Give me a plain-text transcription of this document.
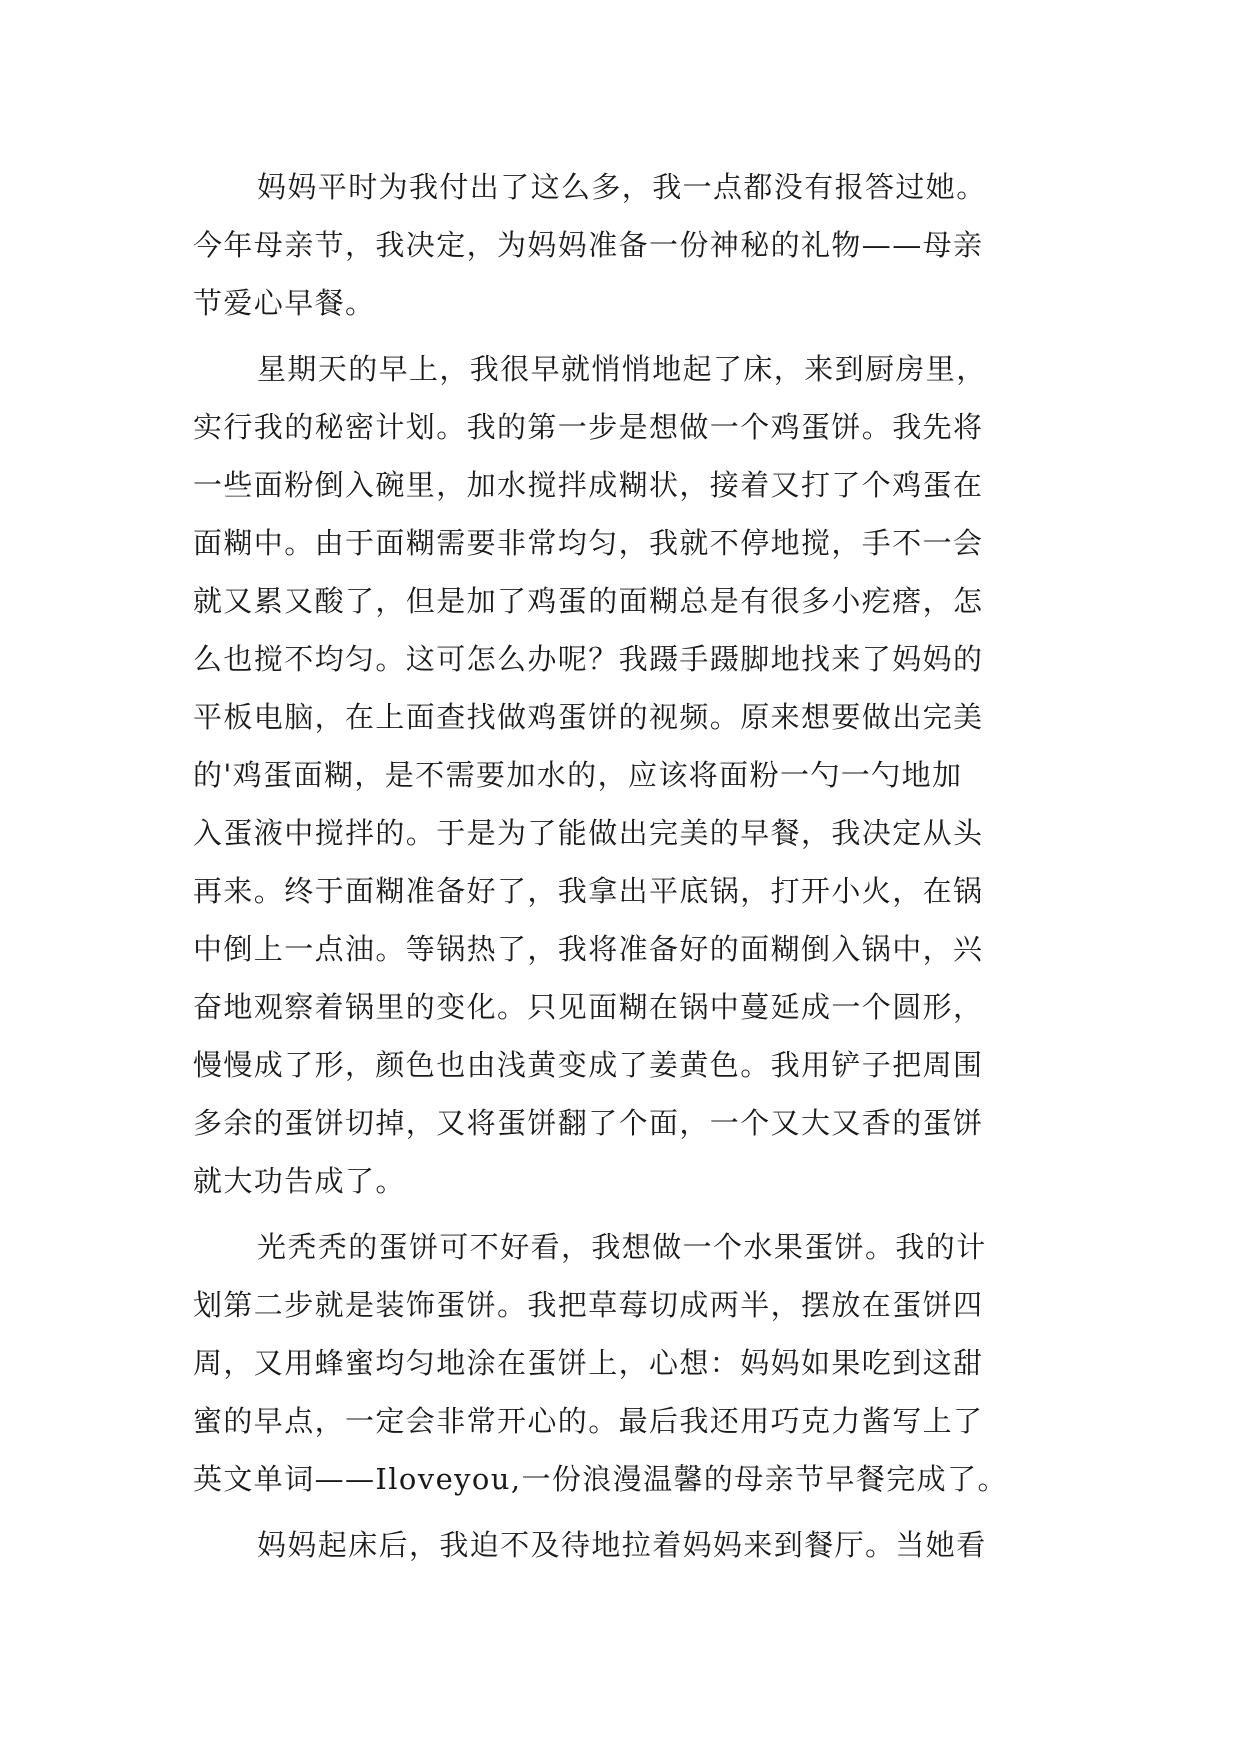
妈妈平时为我付出了这么多，我一点都没有报答过她。
今年母亲节，我决定，为妈妈准备一份神秘的礼物——母亲
节爱心早餐。
星期天的早上，我很早就悄悄地起了床，来到厨房里，
实行我的秘密计划。我的第一步是想做一个鸡蛋饼。我先将
一些面粉倒入碗里，加水搅拌成糊状，接着又打了个鸡蛋在
面糊中。由于面糊需要非常均匀，我就不停地搅，手不一会
就又累又酸了，但是加了鸡蛋的面糊总是有很多小疙瘩，怎
么也搅不均匀。这可怎么办呢？我蹑手蹑脚地找来了妈妈的
平板电脑，在上面查找做鸡蛋饼的视频。原来想要做出完美
的'鸡蛋面糊，是不需要加水的，应该将面粉一勺一勺地加
入蛋液中搅拌的。于是为了能做出完美的早餐，我决定从头
再来。终于面糊准备好了，我拿出平底锅，打开小火，在锅
中倒上一点油。等锅热了，我将准备好的面糊倒入锅中，兴
奋地观察着锅里的变化。只见面糊在锅中蔓延成一个圆形，
慢慢成了形，颜色也由浅黄变成了姜黄色。我用铲子把周围
多余的蛋饼切掉，又将蛋饼翻了个面，一个又大又香的蛋饼
就大功告成了。
光秃秃的蛋饼可不好看，我想做一个水果蛋饼。我的计
划第二步就是装饰蛋饼。我把草莓切成两半，摆放在蛋饼四
周，又用蜂蜜均匀地涂在蛋饼上，心想：妈妈如果吃到这甜
蜜的早点，一定会非常开心的。最后我还用巧克力酱写上了
英文单词——Iloveyou,一份浪漫温馨的母亲节早餐完成了。
妈妈起床后，我迫不及待地拉着妈妈来到餐厅。当她看
